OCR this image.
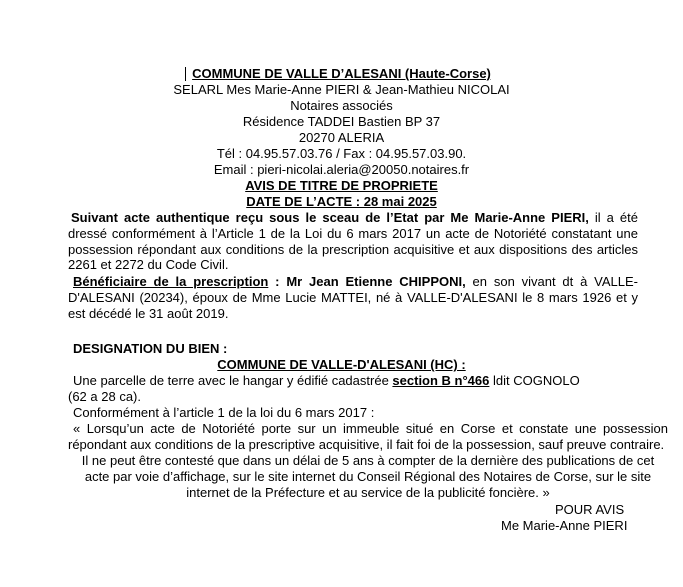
COMMUNE DE VALLE D’ALESANI (Haute-Corse)
SELARL Mes Marie-Anne PIERI & Jean-Mathieu NICOLAI
Notaires associés
Résidence TADDEI Bastien BP 37
20270 ALERIA
Tél : 04.95.57.03.76 / Fax : 04.95.57.03.90.
Email : pieri-nicolai.aleria@20050.notaires.fr
AVIS DE TITRE DE PROPRIETE
DATE DE L’ACTE : 28 mai 2025
Suivant acte authentique reçu sous le sceau de l’Etat par Me Marie-Anne PIERI, il a été dressé conformément à l’Article 1 de la Loi du 6 mars 2017 un acte de Notoriété constatant une possession répondant aux conditions de la prescription acquisitive et aux dispositions des articles 2261 et 2272 du Code Civil.
Bénéficiaire de la prescription : Mr Jean Etienne CHIPPONI, en son vivant dt à VALLE-D'ALESANI (20234), époux de Mme Lucie MATTEI, né à VALLE-D'ALESANI le 8 mars 1926 et y est décédé le 31 août 2019.
DESIGNATION DU BIEN :
COMMUNE DE VALLE-D'ALESANI (HC) :
Une parcelle de terre avec le hangar y édifié cadastrée section B n°466 ldit COGNOLO
(62 a 28 ca).
Conformément à l’article 1 de la loi du 6 mars 2017 :
« Lorsqu’un acte de Notoriété porte sur un immeuble situé en Corse et constate une possession répondant aux conditions de la prescriptive acquisitive, il fait foi de la possession, sauf preuve contraire.
Il ne peut être contesté que dans un délai de 5 ans à compter de la dernière des publications de cet acte par voie d’affichage, sur le site internet du Conseil Régional des Notaires de Corse, sur le site internet de la Préfecture et au service de la publicité foncière. »
POUR AVIS
Me Marie-Anne PIERI
